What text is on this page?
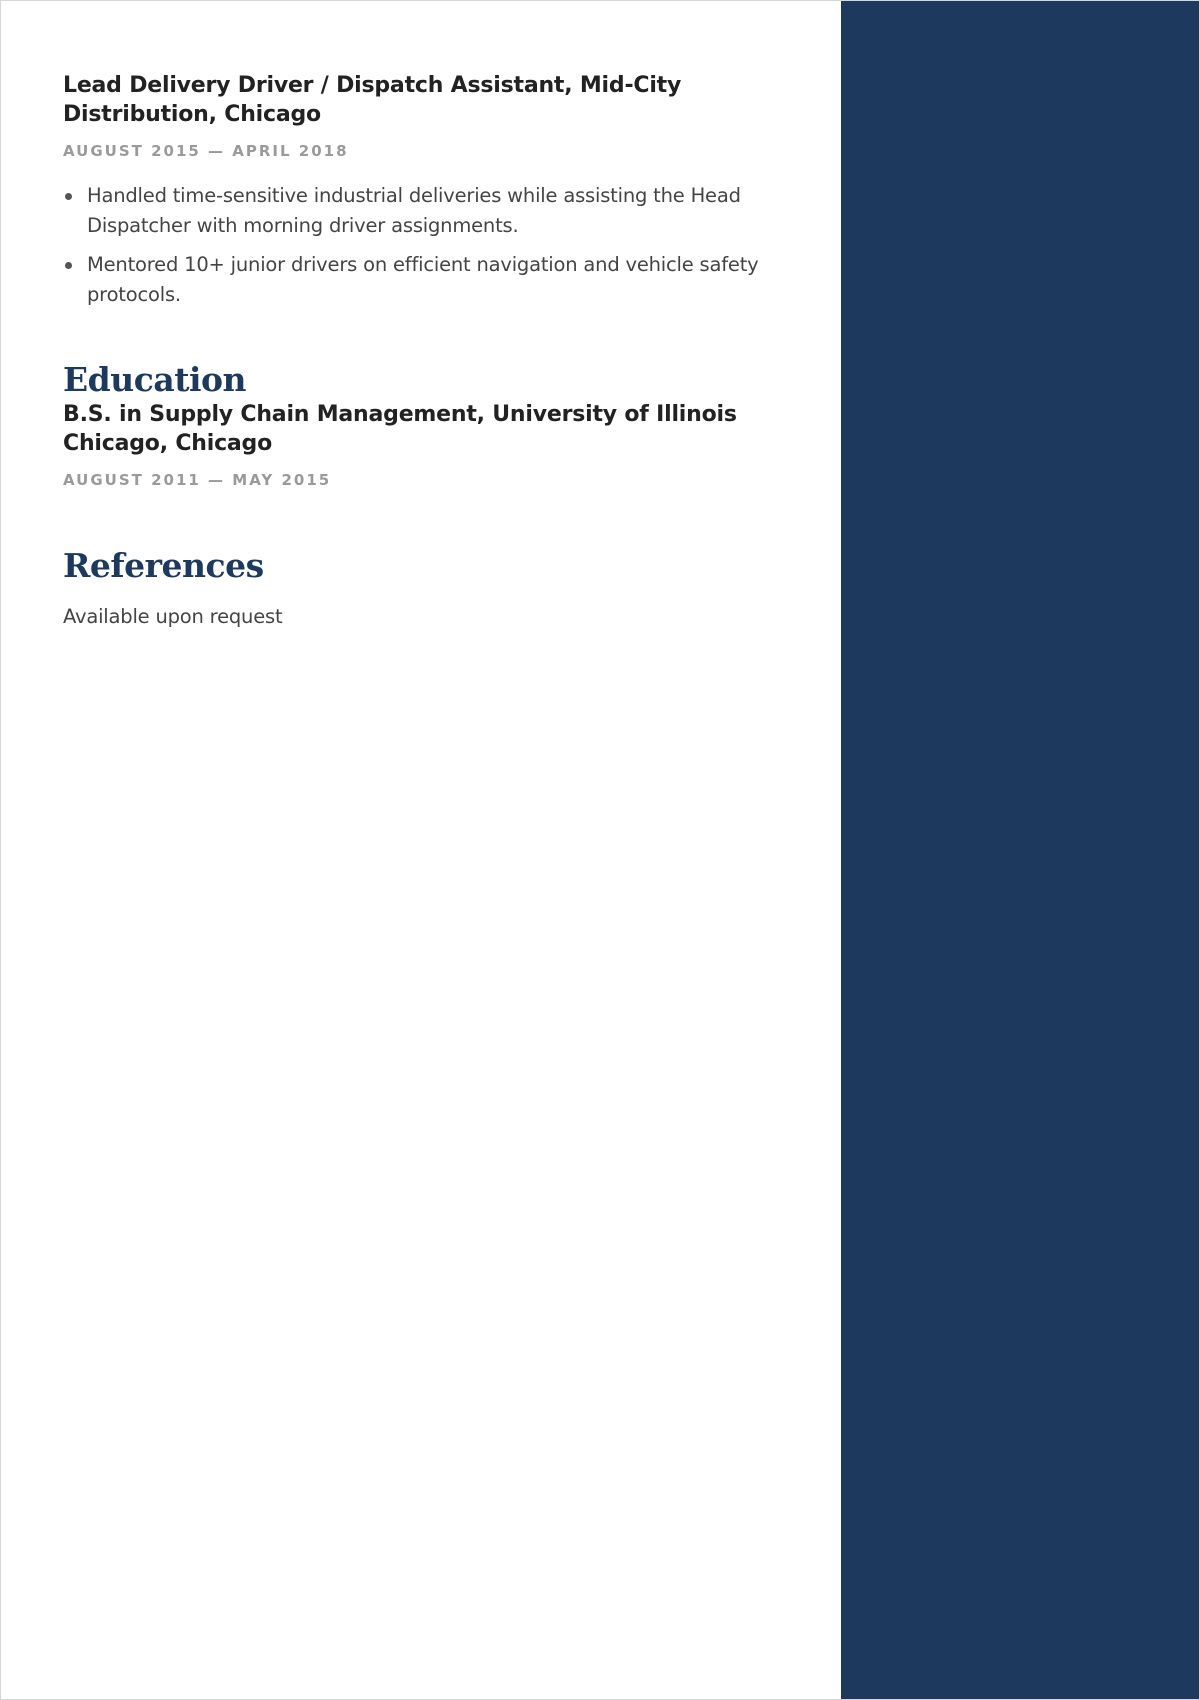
Lead Delivery Driver / Dispatch Assistant, Mid-City Distribution, Chicago
AUGUST 2015 — APRIL 2018
Handled time-sensitive industrial deliveries while assisting the Head Dispatcher with morning driver assignments.
Mentored 10+ junior drivers on efficient navigation and vehicle safety protocols.
Education
B.S. in Supply Chain Management, University of Illinois Chicago, Chicago
AUGUST 2011 — MAY 2015
References

Available upon request
